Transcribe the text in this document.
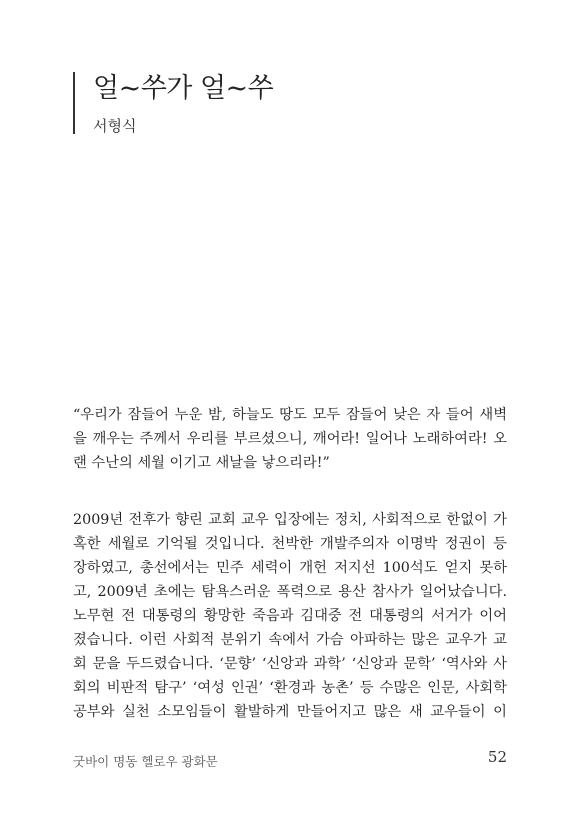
얼~쑤가 얼~쑤
서형식
“우리가 잠들어 누운 밤, 하늘도 땅도 모두 잠들어 낮은 자 들어 새벽
을 깨우는 주께서 우리를 부르셨으니, 깨어라! 일어나 노래하여라! 오
랜 수난의 세월 이기고 새날을 낳으리라!”
2009년 전후가 향린 교회 교우 입장에는 정치, 사회적으로 한없이 가
혹한 세월로 기억될 것입니다. 천박한 개발주의자 이명박 정권이 등
장하였고, 총선에서는 민주 세력이 개헌 저지선 100석도 얻지 못하
고, 2009년 초에는 탐욕스러운 폭력으로 용산 참사가 일어났습니다.
노무현 전 대통령의 황망한 죽음과 김대중 전 대통령의 서거가 이어
졌습니다. 이런 사회적 분위기 속에서 가슴 아파하는 많은 교우가 교
회 문을 두드렸습니다. ‘문향’ ‘신앙과 과학’ ‘신앙과 문학’ ‘역사와 사
회의 비판적 탐구’ ‘여성 인권’ ‘환경과 농촌’ 등 수많은 인문, 사회학
공부와 실천 소모임들이 활발하게 만들어지고 많은 새 교우들이 이
굿바이 명동 헬로우 광화문	52
